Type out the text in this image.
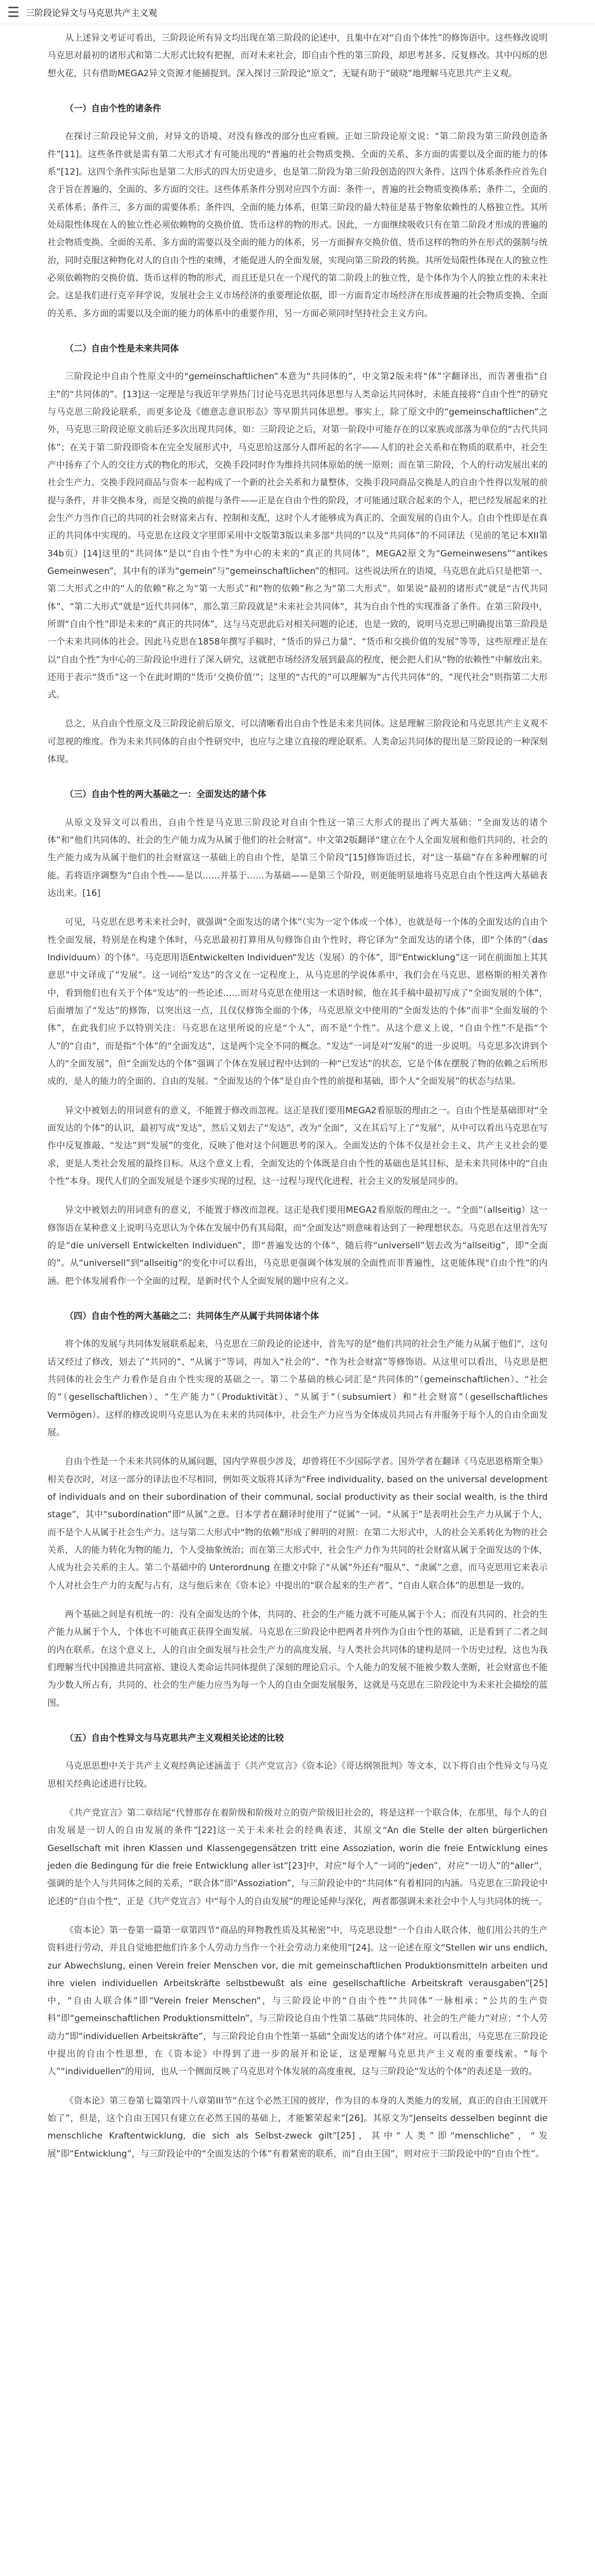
三阶段论异文与马克思共产主义观

从上述异文考证可看出，三阶段论所有异文均出现在第三阶段的论述中，且集中在对“自由个体性”的修饰语中。这些修改说明马克思对最初的诸形式和第二大形式比较有把握，而对未来社会，即自由个性的第三阶段，却思考甚多、反复修改。其中闪烁的思想火花，只有借助MEGA2异文资源才能捕捉到。深入探讨三阶段论“原文”，无疑有助于“破晓”地理解马克思共产主义观。

（一）自由个性的诸条件

在探讨三阶段论异文前，对异文的语境、对没有修改的部分也应看顾。正如三阶段论原文说：“第二阶段为第三阶段创造条件”[11]。这些条件就是需有第二大形式才有可能出现的“普遍的社会物质变换、全面的关系、多方面的需要以及全面的能力的体系”[12]。这四个条件实际也是第二大形式的四大历史进步，也是第二阶段为第三阶段创造的四大条件。这四个体系条件应首先自含于旨在普遍的、全面的、多方面的交往。这些体系条件分别对应四个方面：条件一，普遍的社会物质变换体系；条件二，全面的关系体系；条件三，多方面的需要体系；条件四，全面的能力体系，但第三阶段的最大特征是基于物象依赖性的人格独立性。其所处局限性体现在人的独立性必须依赖物的交换价值、货币这样的物的形式。因此，一方面继续吸收只有在第二阶段才形成的普遍的社会物质变换、全面的关系、多方面的需要以及全面的能力的体系，另一方面摒弃交换价值、货币这样的物的外在形式的强制与统治，同时克服这种物化对人的自由个性的束缚，才能促进人的全面发展，实现向第三阶段的转换。其所处局限性体现在人的独立性必须依赖物的交换价值、货币这样的物的形式，而且还是只在一个现代的第二阶段上的独立性，是个体作为个人的独立性的未来社会。这是我们进行克辛拜学说，发展社会主义市场经济的重要理论依据，即一方面肯定市场经济在形成普遍的社会物质变换、全面的关系、多方面的需要以及全面的能力的体系中的重要作用，另一方面必须同时坚持社会主义方向。

（二）自由个性是未来共同体

三阶段论中自由个性原文中的“gemeinschaftlichen”本意为“共同体的”，中文第2版未将“体”字翻译出，而告著重指“自主”的“共同体的”。[13]这一定理是与我近年学界热门讨论马克思共同体思想与人类命运共同体时，未能直接将“自由个性”的研究与马克思三阶段论联系，而更多论及《德意志意识形态》等早期共同体思想。事实上，除了原文中的“gemeinschaftlichen”之外，马克思三阶段论原文前后还多次出现共同体，如：三阶段论之后，对第一阶段中可能存在的以家族或部落为单位的“古代共同体”；在关于第二阶段即资本在完全发展形式中，马克思给这部分人群所起的名字——人们的社会关系和在物质的联系中，社会生产中扬弃了个人的交往方式的物化的形式，交换手段同时作为维持共同体原始的统一原则；而在第三阶段，个人的行动发展出来的社会生产力、交换手段同商品与资本一起构成了一个新的社会关系和力量整体，交换手段同商品交换是人的自由个性得以发展的前提与条件，并非交换本身，而是交换的前提与条件——正是在自由个性的阶段，才可能通过联合起来的个人，把已经发展起来的社会生产力当作自己的共同的社会财富来占有、控制和支配，这时个人才能够成为真正的、全面发展的自由个人。自由个性即是在真正的共同体中实现的。马克思在这段文字里即采用中文版第3版以来多部“共同的”以及“共同体”的不同译法（见前的笔记本XII第34b页）[14]这里的“共同体”是以“自由个性”为中心的未来的“真正的共同体”，MEGA2原文为“Gemeinwesens”“antikes Gemeinwesen”，其中有的译为“gemein”与“gemeinschaftlichen”的相同。这些说法所在的语境，马克思在此后只是把第一、第二大形式之中的“人的依赖”称之为“第一大形式”和“物的依赖”称之为“第二大形式”。如果说“最初的诸形式”就是“古代共同体”、“第二大形式”就是“近代共同体”，那么第三阶段就是“未来社会共同体”，其为自由个性的实现准备了条件。在第三阶段中，所谓“自由个性”即是未来的“真正的共同体”，这与马克思此后对相关问题的论述，也是一致的，说明马克思已明确提出第三阶段是一个未来共同体的社会。因此马克思在1858年撰写手稿时，“货币的异己力量”、“货币和交换价值的发展”等等，这些原理正是在以“自由个性”为中心的三阶段论中进行了深入研究，这就把市场经济发展到最高的程度，便会把人们从“物的依赖性”中解放出来。还用于表示“货币”这一个在此时期的“货币‘交换价值’”；这里的“古代的”可以理解为“古代共同体”的，“现代社会”则指第二大形式。

总之，从自由个性原文及三阶段论前后原文，可以清晰看出自由个性是未来共同体。这是理解三阶段论和马克思共产主义观不可忽视的维度。作为未来共同体的自由个性研究中，也应与之建立直接的理论联系。人类命运共同体的提出是三阶段论的一种深刻体现。

（三）自由个性的两大基础之一：全面发达的諸个体

从原文及异文可以看出，自由个性是马克思三阶段论对自由个性这一第三大形式的提出了两大基础：“全面发达的诸个体”和“他们共同体的、社会的生产能力成为从属于他们的社会财富”。中文第2版翻译“建立在个人全面发展和他们共同的、社会的生产能力成为从属于他们的社会财富这一基础上的自由个性，是第三个阶段”[15]修饰语过长，对“这一基础”存在多种理解的可能。若将语序调整为“自由个性——是以……并基于……为基础——是第三个阶段，则更能明显地将马克思自由个性这两大基础表达出来。[16]

可见，马克思在思考未来社会时，就强调“全面发达的诸个体”（实为一定个体或一个体），也就是每一个体的全面发达的自由个性全面发展，特别是在构建个体时，马克思最初打算用从句修饰自由个性时，将它译为“全面发达的诸个体，即“个体的”（das Individuum）的个体”。马克思用语Entwickelten Individuen“发达（发展）的个体”，即“Entwicklung”这一词在前面加上其其意思”中文译成了“发展”。这一词给“发达”的含义在一定程度上，从马克思的学说体系中，我们会在马克思、恩格斯的相关著作中，看到他们也有关于个体“发达”的一些论述……而对马克思在使用这一术语时候，他在其手稿中最初写成了“全面发展的个体”，后面增加了“发达”的修饰，以突出这一点，且仅仅修饰全面的个体，马克思原文中使用的“全面发达的个体”而非“全面发展的个体”，在此我们应予以特别关注：马克思在这里所说的应是“个人”，而不是“个性”。从这个意义上说，“自由个性”不是指“个人”的“自由”，而是指“个体”的“全面发达”，这是两个完全不同的概念。“发达”一词是对“发展”的进一步说明。马克思多次讲到个人的“全面发展”，但“全面发达的个体”强调了个体在发展过程中达到的一种“已发达”的状态，它是个体在摆脱了物的依赖之后所形成的，是人的能力的全面的、自由的发展。“全面发达的个体”是自由个性的前提和基础，即个人“全面发展”的状态与结果。

异文中被划去的用词意有的意义，不能置于修改而忽视。这正是我们要用MEGA2看原版的理由之一。自由个性是基础即对“全面发达的个体”的认识，最初写成“发达”，然后又划去了“发达”，改为“全面”，又在其后写上了“发展”，从中可以看出马克思在写作中反复推敲、“发达”到“发展”的变化，反映了他对这个问题思考的深入。全面发达的个体不仅是社会主义、共产主义社会的要求，更是人类社会发展的最终目标。从这个意义上看，全面发达的个体既是自由个性的基础也是其目标，是未来共同体中的“自由个性”本身。现代人们的全面发展是个逐步实现的过程，这一过程与现代化进程、社会主义的发展是同步的。

异文中被划去的用词意有的意义，不能置于修改而忽视。这正是我们要用MEGA2看原版的理由之一。“全面”（allseitig）这一修饰语在某种意义上说明马克思认为个体在发展中仍有其局限，而“全面发达”则意味着达到了一种理想状态。马克思在这里首先写的是“die universell Entwickelten Individuen”，即“普遍发达的个体”，随后将“universell”划去改为“allseitig”，即“全面的”。从“universell”到“allseitig”的变化中可以看出，马克思更强调个体发展的全面性而非普遍性，这更能体现“自由个性”的内涵。把个体发展看作一个全面的过程，是新时代个人全面发展的题中应有之义。

（四）自由个性的两大基础之二：共同体生产从属于共同体诸个体

将个体的发展与共同体发展联系起来，马克思在三阶段论的论述中，首先写的是“他们共同的社会生产能力从属于他们”，这句话又经过了修改，划去了“共同的”、“从属于”等词，再加入“社会的”、“作为社会财富”等修饰语。从这里可以看出，马克思是把共同体的社会生产力看作是自由个性实现的基础之一。第二个基础的核心词汇是“共同体的”（gemeinschaftlichen）、“社会的”（gesellschaftlichen）、“生产能力”（Produktivität）、“从属于”（subsumiert）和“社会财富”（gesellschaftliches Vermögen）。这样的修改说明马克思认为在未来的共同体中，社会生产力应当为全体成员共同占有并服务于每个人的自由全面发展。

自由个性是一个未来共同体的从属问题，国内学界很少涉及，却曾将任不少国际学者。国外学者在翻译《马克思恩格斯全集》相关卷次时，对这一部分的译法也不尽相同，例如英文版将其译为“Free individuality, based on the universal development of individuals and on their subordination of their communal, social productivity as their social wealth, is the third stage”，其中“subordination”即“从属”之意。日本学者在翻译时使用了“従属”一词。“从属于”是表明社会生产力从属于个人，而不是个人从属于社会生产力。这与第二大形式中“物的依赖”形成了鲜明的对照：在第二大形式中，人的社会关系转化为物的社会关系，人的能力转化为物的能力，个人受抽象统治；而在第三大形式中，社会生产力作为共同的社会财富从属于全面发达的个体，人成为社会关系的主人。第二个基础中的 Unterordnung 在德文中除了“从属”外还有“服从”、“隶属”之意，而马克思用它来表示个人对社会生产力的支配与占有，这与他后来在《资本论》中提出的“联合起来的生产者”、“自由人联合体”的思想是一致的。

两个基础之间是有机统一的：没有全面发达的个体，共同的、社会的生产能力就不可能从属于个人；而没有共同的、社会的生产能力从属于个人，个体也不可能真正获得全面发展。马克思在三阶段论中把两者并列作为自由个性的基础，正是看到了二者之间的内在联系。在这个意义上，人的自由全面发展与社会生产力的高度发展、与人类社会共同体的建构是同一个历史过程，这也为我们理解当代中国推进共同富裕、建设人类命运共同体提供了深刻的理论启示。个人能力的发展不能被少数人垄断，社会财富也不能为少数人所占有，共同的、社会的生产能力应当为每一个人的自由全面发展服务，这就是马克思在三阶段论中为未来社会描绘的蓝图。

（五）自由个性异文与马克思共产主义观相关论述的比较

马克思思想中关于共产主义观经典论述涵盖于《共产党宣言》《资本论》《哥达纲领批判》等文本，以下将自由个性异文与马克思相关经典论述进行比较。

《共产党宣言》第二章结尾“代替那存在着阶级和阶级对立的资产阶级旧社会的，将是这样一个联合体，在那里，每个人的自由发展是一切人的自由发展的条件”[22]这一关于未来社会的经典表述，其原文“An die Stelle der alten bürgerlichen Gesellschaft mit ihren Klassen und Klassengegensätzen tritt eine Assoziation, worin die freie Entwicklung eines jeden die Bedingung für die freie Entwicklung aller ist”[23]中，对应“每个人”一词的“jeden”，对应“一切人”的“aller”，强调的是个人与共同体之间的关系，“联合体”即“Assoziation”，与三阶段论中的“共同体”有着相同的内涵。马克思在三阶段论中论述的“自由个性”，正是《共产党宣言》中“每个人的自由发展”的理论延伸与深化，两者都强调未来社会中个人与共同体的统一。

《资本论》第一卷第一篇第一章第四节“商品的拜物教性质及其秘密”中，马克思设想“一个自由人联合体，他们用公共的生产资料进行劳动，并且自觉地把他们许多个人劳动力当作一个社会劳动力来使用”[24]。这一论述在原文“Stellen wir uns endlich, zur Abwechslung, einen Verein freier Menschen vor, die mit gemeinschaftlichen Produktionsmitteln arbeiten und ihre vielen individuellen Arbeitskräfte selbstbewußt als eine gesellschaftliche Arbeitskraft verausgaben”[25]中，“自由人联合体”即“Verein freier Menschen”，与三阶段论中的“自由个性”“共同体”一脉相承；“公共的生产资料”即“gemeinschaftlichen Produktionsmitteln”，与三阶段论自由个性第二基础“共同体的、社会的生产能力”对应；“个人劳动力”即“individuellen Arbeitskräfte”，与三阶段论自由个性第一基础“全面发达的诸个体”对应。可以看出，马克思在三阶段论中提出的自由个性思想，在《资本论》中得到了进一步的展开和论证，这是理解马克思共产主义观的重要线索。“每个人”“individuellen”的用词，也从一个侧面反映了马克思对个体发展的高度重视，这与三阶段论“发达的个体”的表述是一致的。

《资本论》第三卷第七篇第四十八章第III节“在这个必然王国的彼岸，作为目的本身的人类能力的发展，真正的自由王国就开始了”，但是，这个自由王国只有建立在必然王国的基础上，才能繁荣起来”[26]。其原文为“Jenseits desselben beginnt die menschliche Kraftentwicklung, die sich als Selbst-zweck gilt”[25]，其中“人类”即“menschliche”，“发展”即“Entwicklung”，与三阶段论中的“全面发达的个体”有着紧密的联系，而“自由王国”，则对应于三阶段论中的“自由个性”。
